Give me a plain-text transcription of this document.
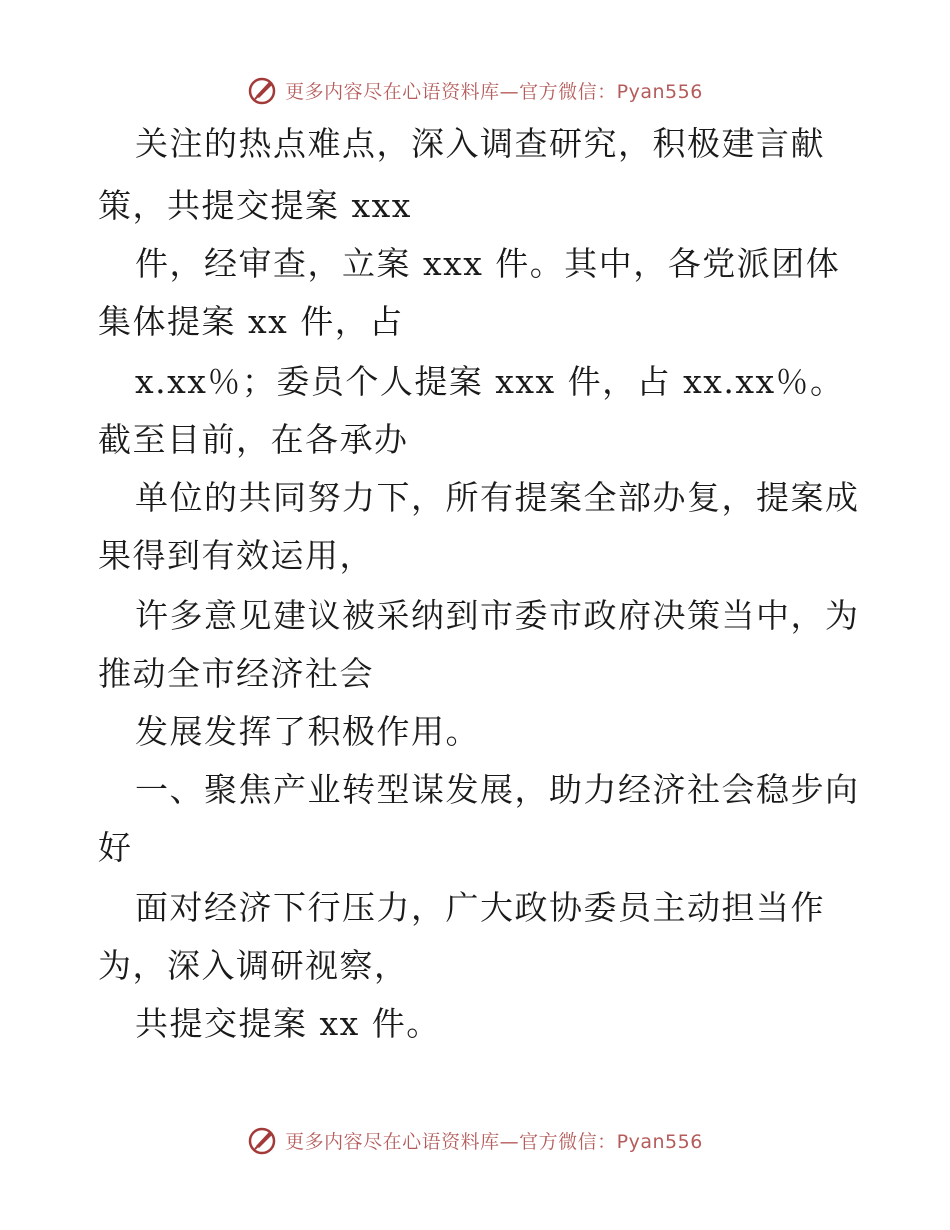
更多内容尽在心语资料库—官方微信：Pyan556
关注的热点难点，深入调查研究，积极建言献
策，共提交提案 xxx
件，经审查，立案 xxx 件。其中，各党派团体
集体提案 xx 件，占
x.xx％；委员个人提案 xxx 件，占 xx.xx％。
截至目前，在各承办
单位的共同努力下，所有提案全部办复，提案成
果得到有效运用，
许多意见建议被采纳到市委市政府决策当中，为
推动全市经济社会
发展发挥了积极作用。
一、聚焦产业转型谋发展，助力经济社会稳步向
好
面对经济下行压力，广大政协委员主动担当作
为，深入调研视察，
共提交提案 xx 件。
更多内容尽在心语资料库—官方微信：Pyan556
